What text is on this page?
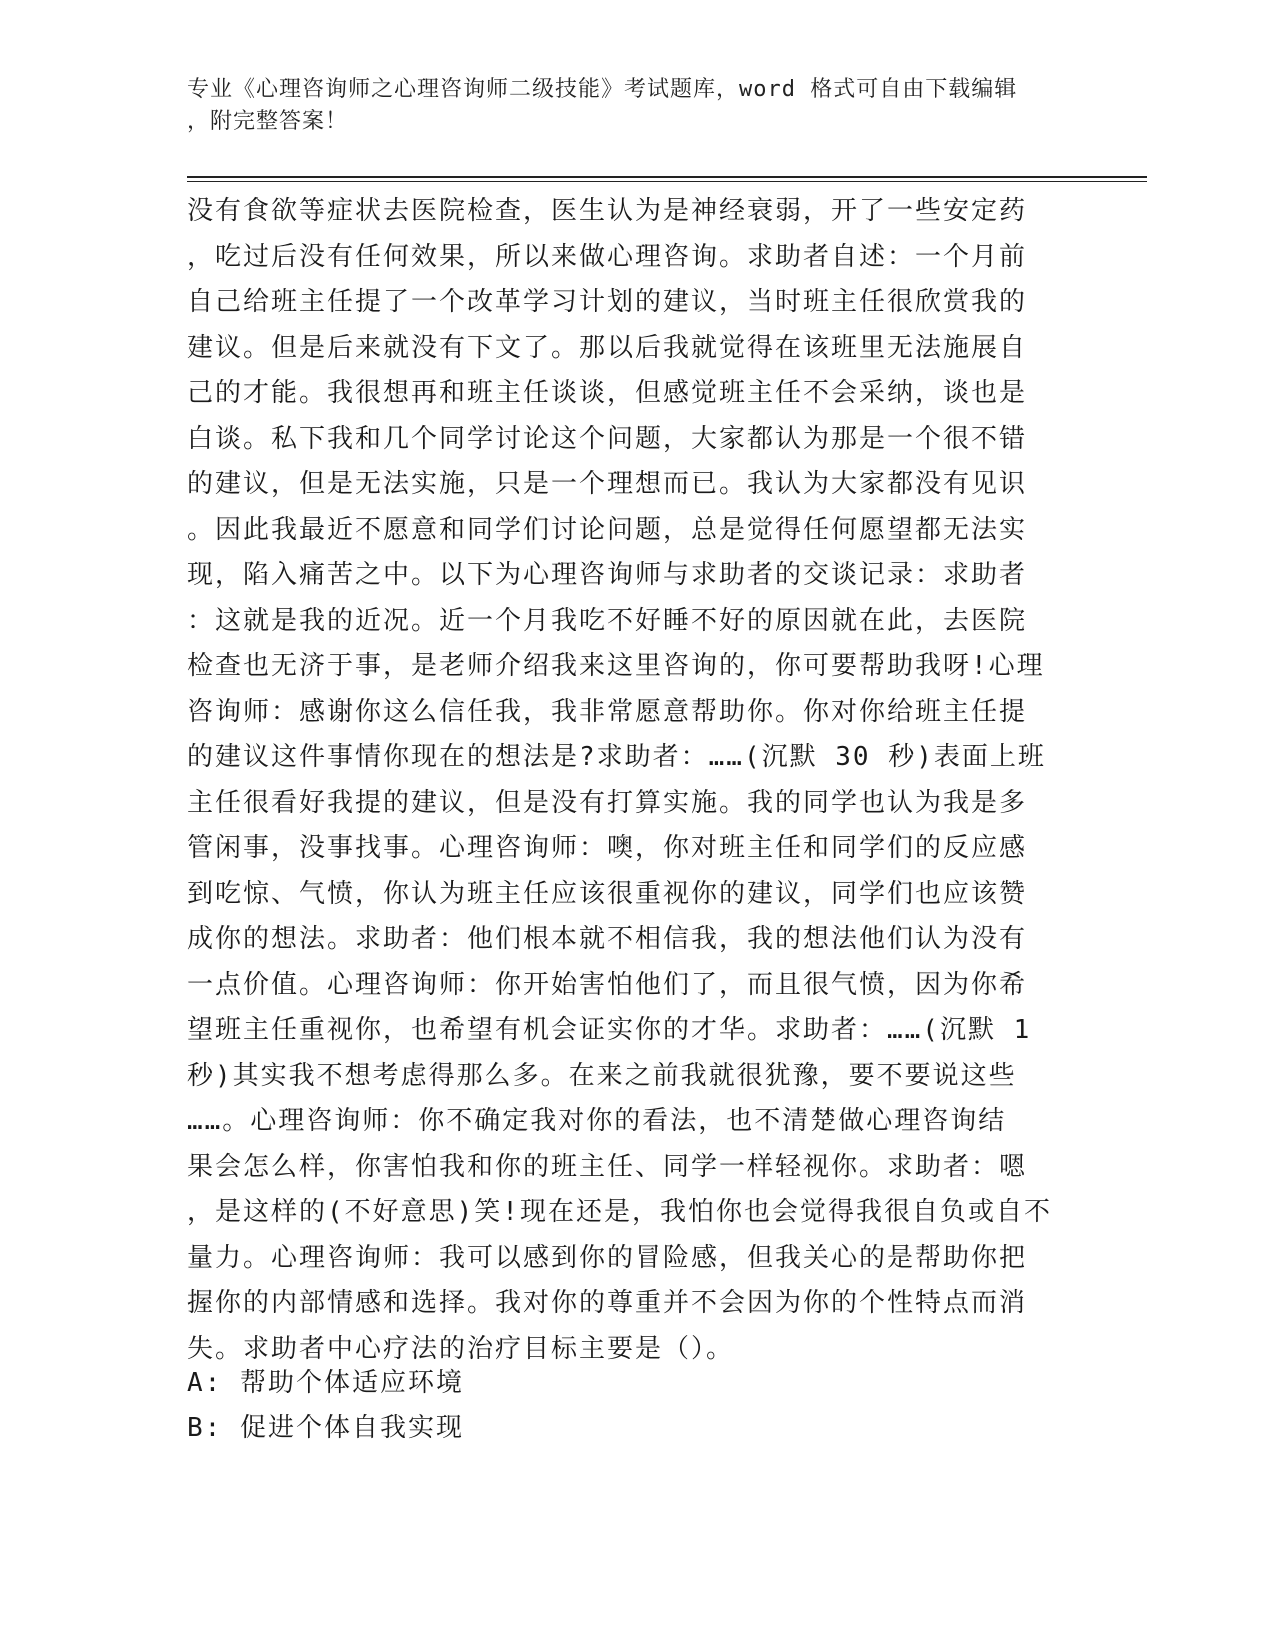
专业《心理咨询师之心理咨询师二级技能》考试题库，word 格式可自由下载编辑
，附完整答案！
没有食欲等症状去医院检查，医生认为是神经衰弱，开了一些安定药
，吃过后没有任何效果，所以来做心理咨询。求助者自述：一个月前
自己给班主任提了一个改革学习计划的建议，当时班主任很欣赏我的
建议。但是后来就没有下文了。那以后我就觉得在该班里无法施展自
己的才能。我很想再和班主任谈谈，但感觉班主任不会采纳，谈也是
白谈。私下我和几个同学讨论这个问题，大家都认为那是一个很不错
的建议，但是无法实施，只是一个理想而已。我认为大家都没有见识
。因此我最近不愿意和同学们讨论问题，总是觉得任何愿望都无法实
现，陷入痛苦之中。以下为心理咨询师与求助者的交谈记录：求助者
：这就是我的近况。近一个月我吃不好睡不好的原因就在此，去医院
检查也无济于事，是老师介绍我来这里咨询的，你可要帮助我呀!心理
咨询师：感谢你这么信任我，我非常愿意帮助你。你对你给班主任提
的建议这件事情你现在的想法是?求助者：……(沉默 30 秒)表面上班
主任很看好我提的建议，但是没有打算实施。我的同学也认为我是多
管闲事，没事找事。心理咨询师：噢，你对班主任和同学们的反应感
到吃惊、气愤，你认为班主任应该很重视你的建议，同学们也应该赞
成你的想法。求助者：他们根本就不相信我，我的想法他们认为没有
一点价值。心理咨询师：你开始害怕他们了，而且很气愤，因为你希
望班主任重视你，也希望有机会证实你的才华。求助者：……(沉默 1
秒)其实我不想考虑得那么多。在来之前我就很犹豫，要不要说这些
……。心理咨询师：你不确定我对你的看法，也不清楚做心理咨询结
果会怎么样，你害怕我和你的班主任、同学一样轻视你。求助者：嗯
，是这样的(不好意思)笑!现在还是，我怕你也会觉得我很自负或自不
量力。心理咨询师：我可以感到你的冒险感，但我关心的是帮助你把
握你的内部情感和选择。我对你的尊重并不会因为你的个性特点而消
失。求助者中心疗法的治疗目标主要是（）。
A: 帮助个体适应环境
B: 促进个体自我实现
